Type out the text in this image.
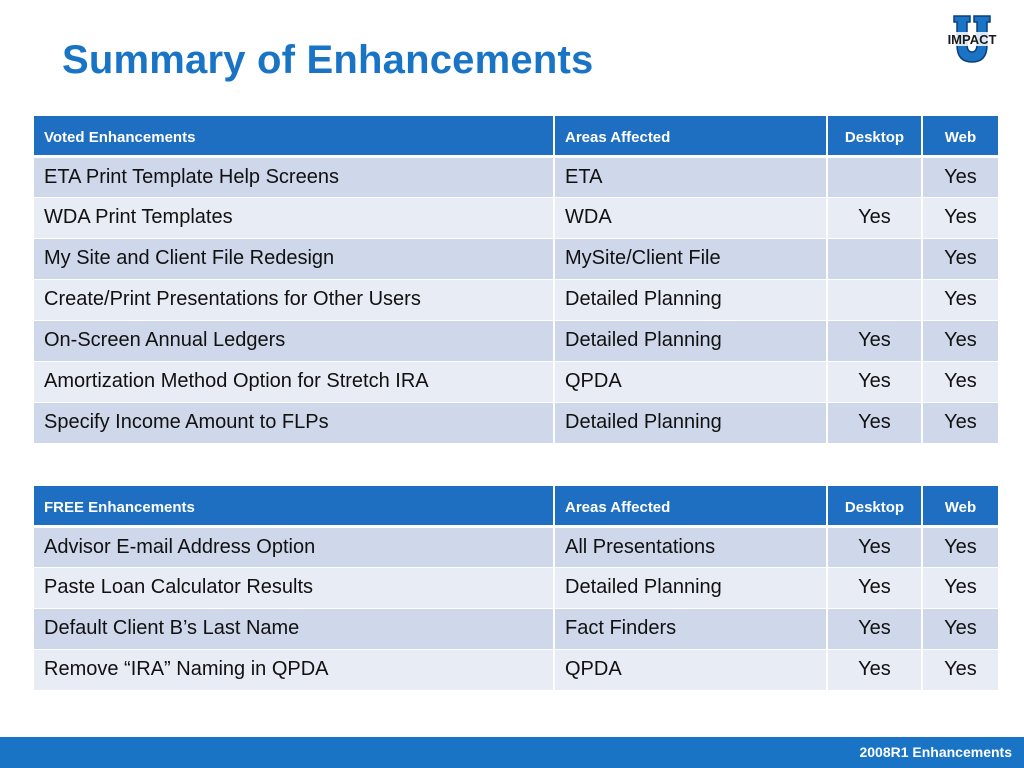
Summary of Enhancements	IMPACT
Voted Enhancements	Areas Affected	Desktop	Web
ETA Print Template Help Screens	ETA		Yes
WDA Print Templates	WDA	Yes	Yes
My Site and Client File Redesign	MySite/Client File		Yes
Create/Print Presentations for Other Users	Detailed Planning		Yes
On-Screen Annual Ledgers	Detailed Planning	Yes	Yes
Amortization Method Option for Stretch IRA	QPDA	Yes	Yes
Specify Income Amount to FLPs	Detailed Planning	Yes	Yes
FREE Enhancements	Areas Affected	Desktop	Web
Advisor E-mail Address Option	All Presentations	Yes	Yes
Paste Loan Calculator Results	Detailed Planning	Yes	Yes
Default Client B’s Last Name	Fact Finders	Yes	Yes
Remove “IRA” Naming in QPDA	QPDA	Yes	Yes
2008R1 Enhancements
